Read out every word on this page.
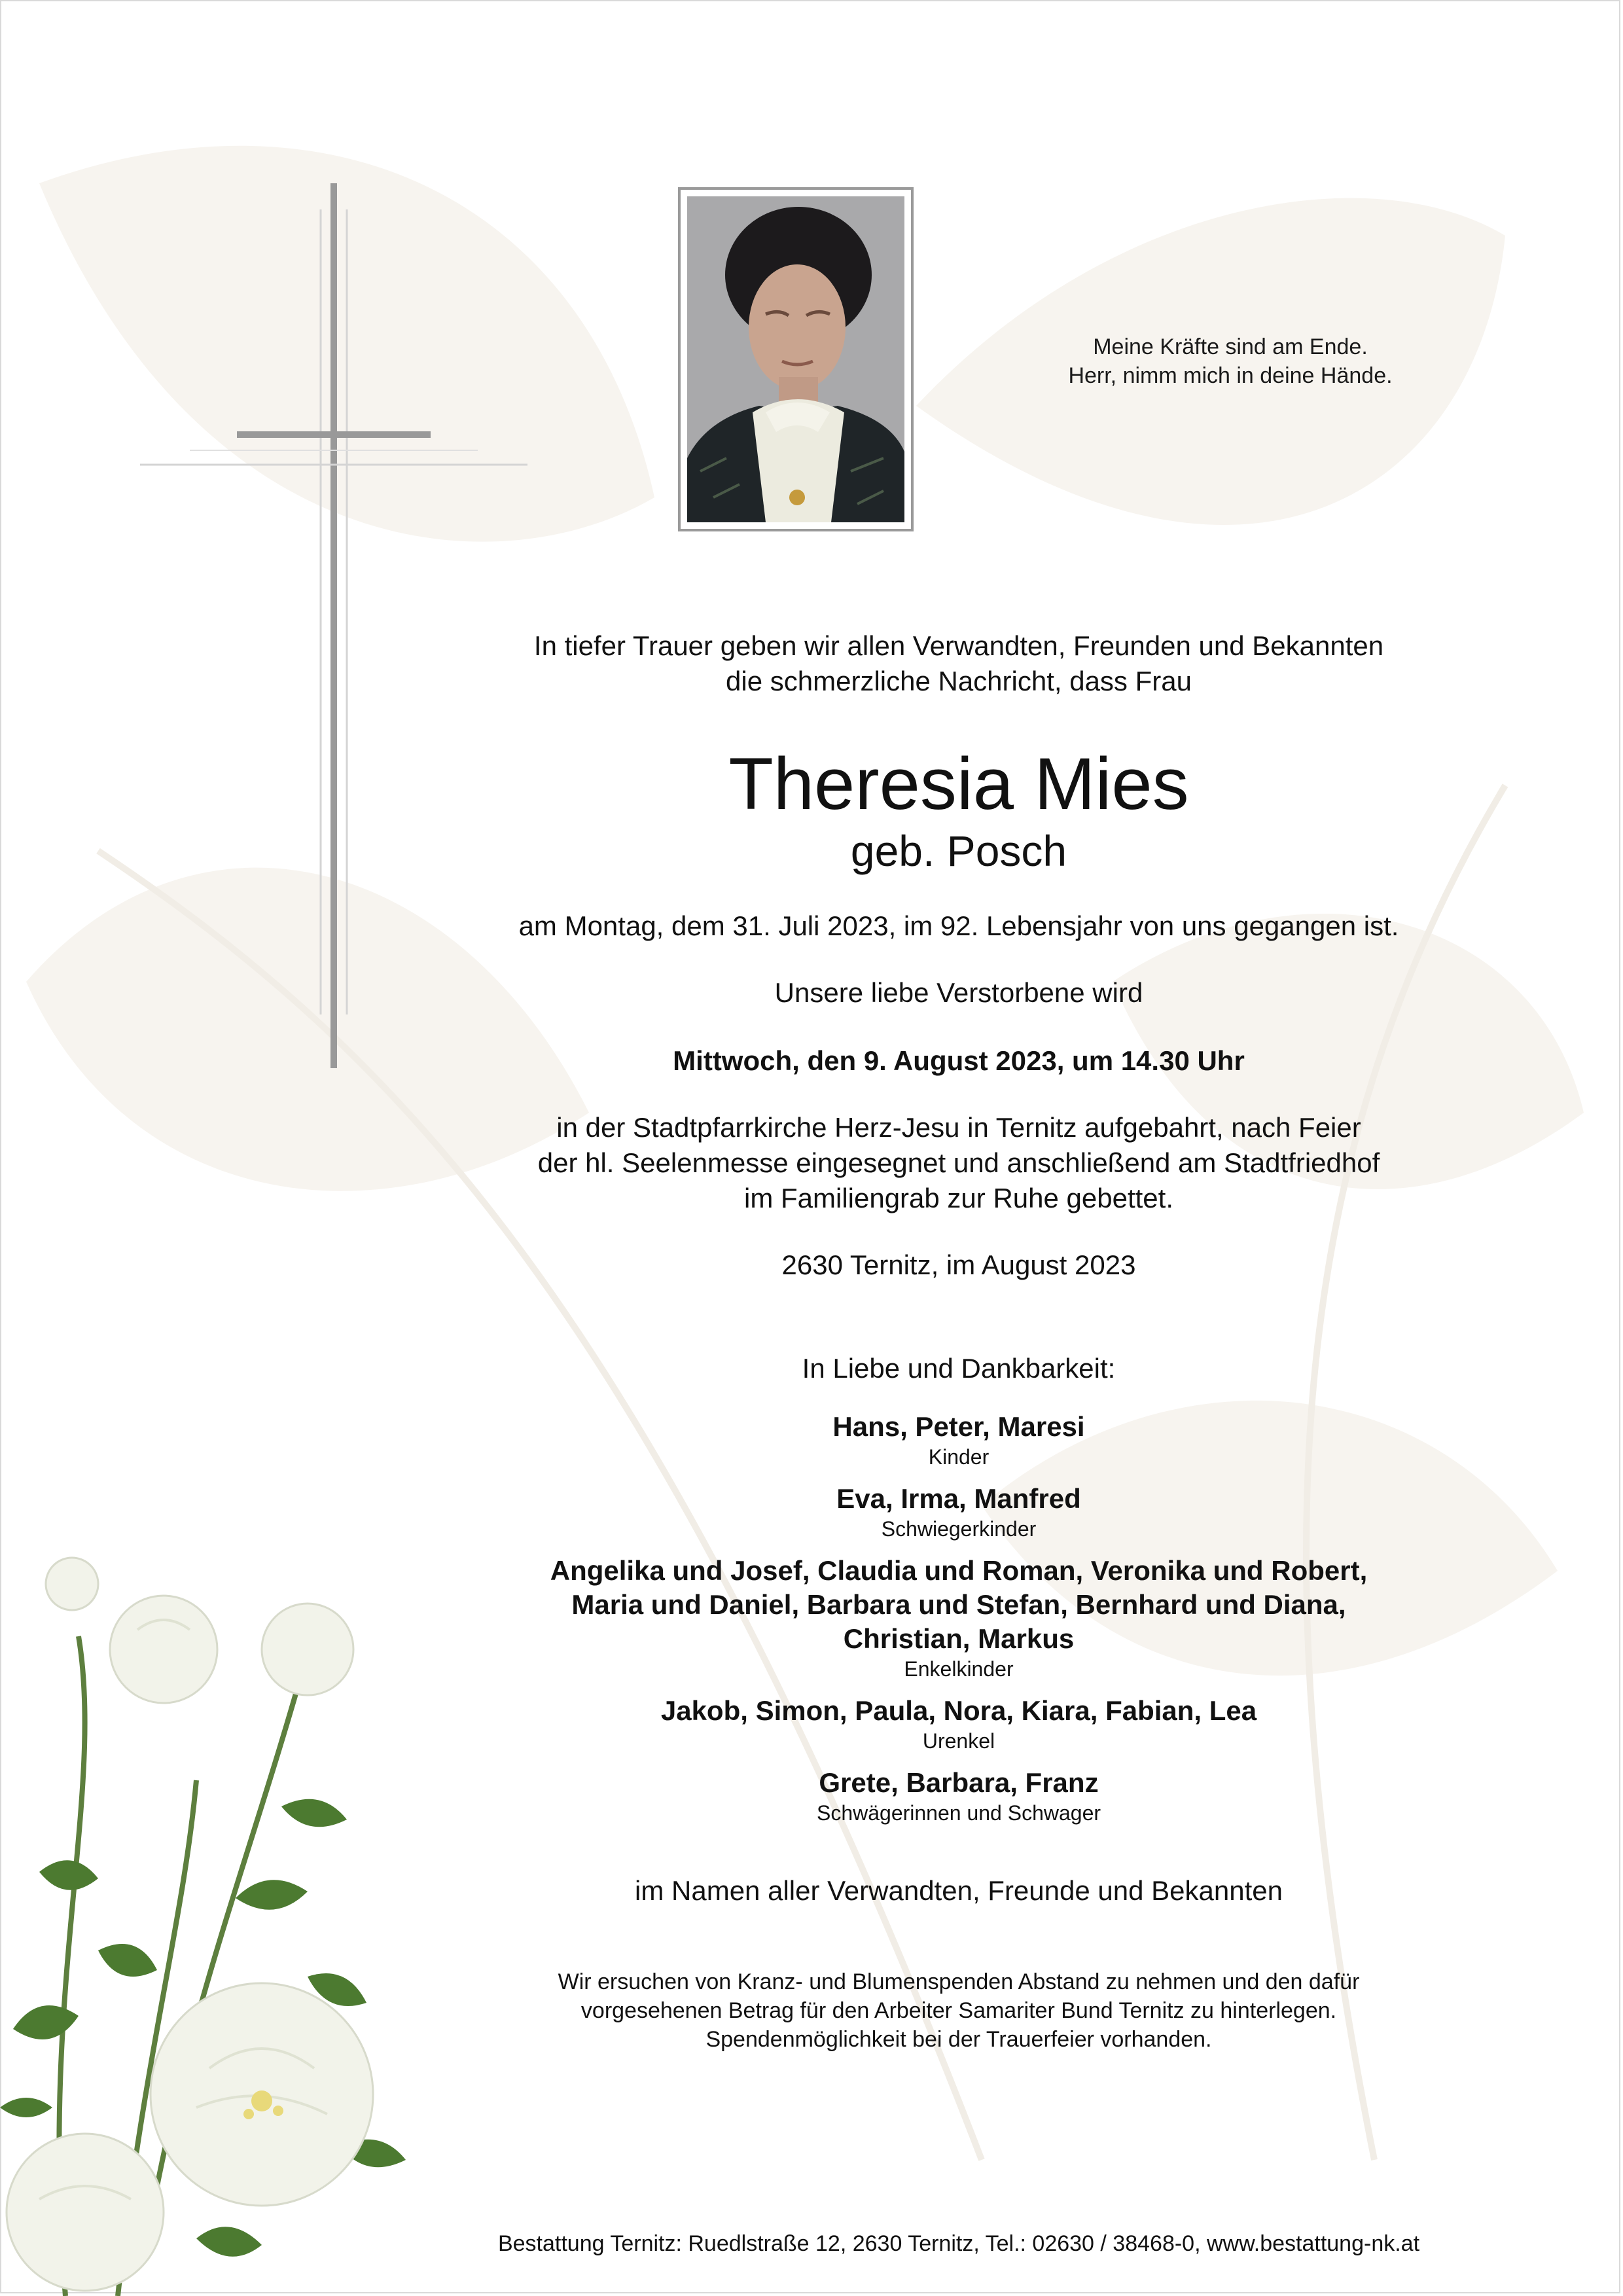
Meine Kräfte sind am Ende.
Herr, nimm mich in deine Hände.

In tiefer Trauer geben wir allen Verwandten, Freunden und Bekannten

die schmerzliche Nachricht, dass Frau

Theresia Mies

geb. Posch

am Montag, dem 31. Juli 2023, im 92. Lebensjahr von uns gegangen ist.

Unsere liebe Verstorbene wird

Mittwoch, den 9. August 2023, um 14.30 Uhr

in der Stadtpfarrkirche Herz-Jesu in Ternitz aufgebahrt, nach Feier

der hl. Seelenmesse eingesegnet und anschließend am Stadtfriedhof

im Familiengrab zur Ruhe gebettet.

2630 Ternitz, im August 2023

In Liebe und Dankbarkeit:

Hans, Peter, Maresi

Kinder

Eva, Irma, Manfred

Schwiegerkinder

Angelika und Josef, Claudia und Roman, Veronika und Robert,

Maria und Daniel, Barbara und Stefan, Bernhard und Diana,

Christian, Markus

Enkelkinder

Jakob, Simon, Paula, Nora, Kiara, Fabian, Lea

Urenkel

Grete, Barbara, Franz

Schwägerinnen und Schwager

im Namen aller Verwandten, Freunde und Bekannten

Wir ersuchen von Kranz- und Blumenspenden Abstand zu nehmen und den dafür
vorgesehenen Betrag für den Arbeiter Samariter Bund Ternitz zu hinterlegen.
Spendenmöglichkeit bei der Trauerfeier vorhanden.
Bestattung Ternitz: Ruedlstraße 12, 2630 Ternitz, Tel.: 02630 / 38468-0, www.bestattung-nk.at
